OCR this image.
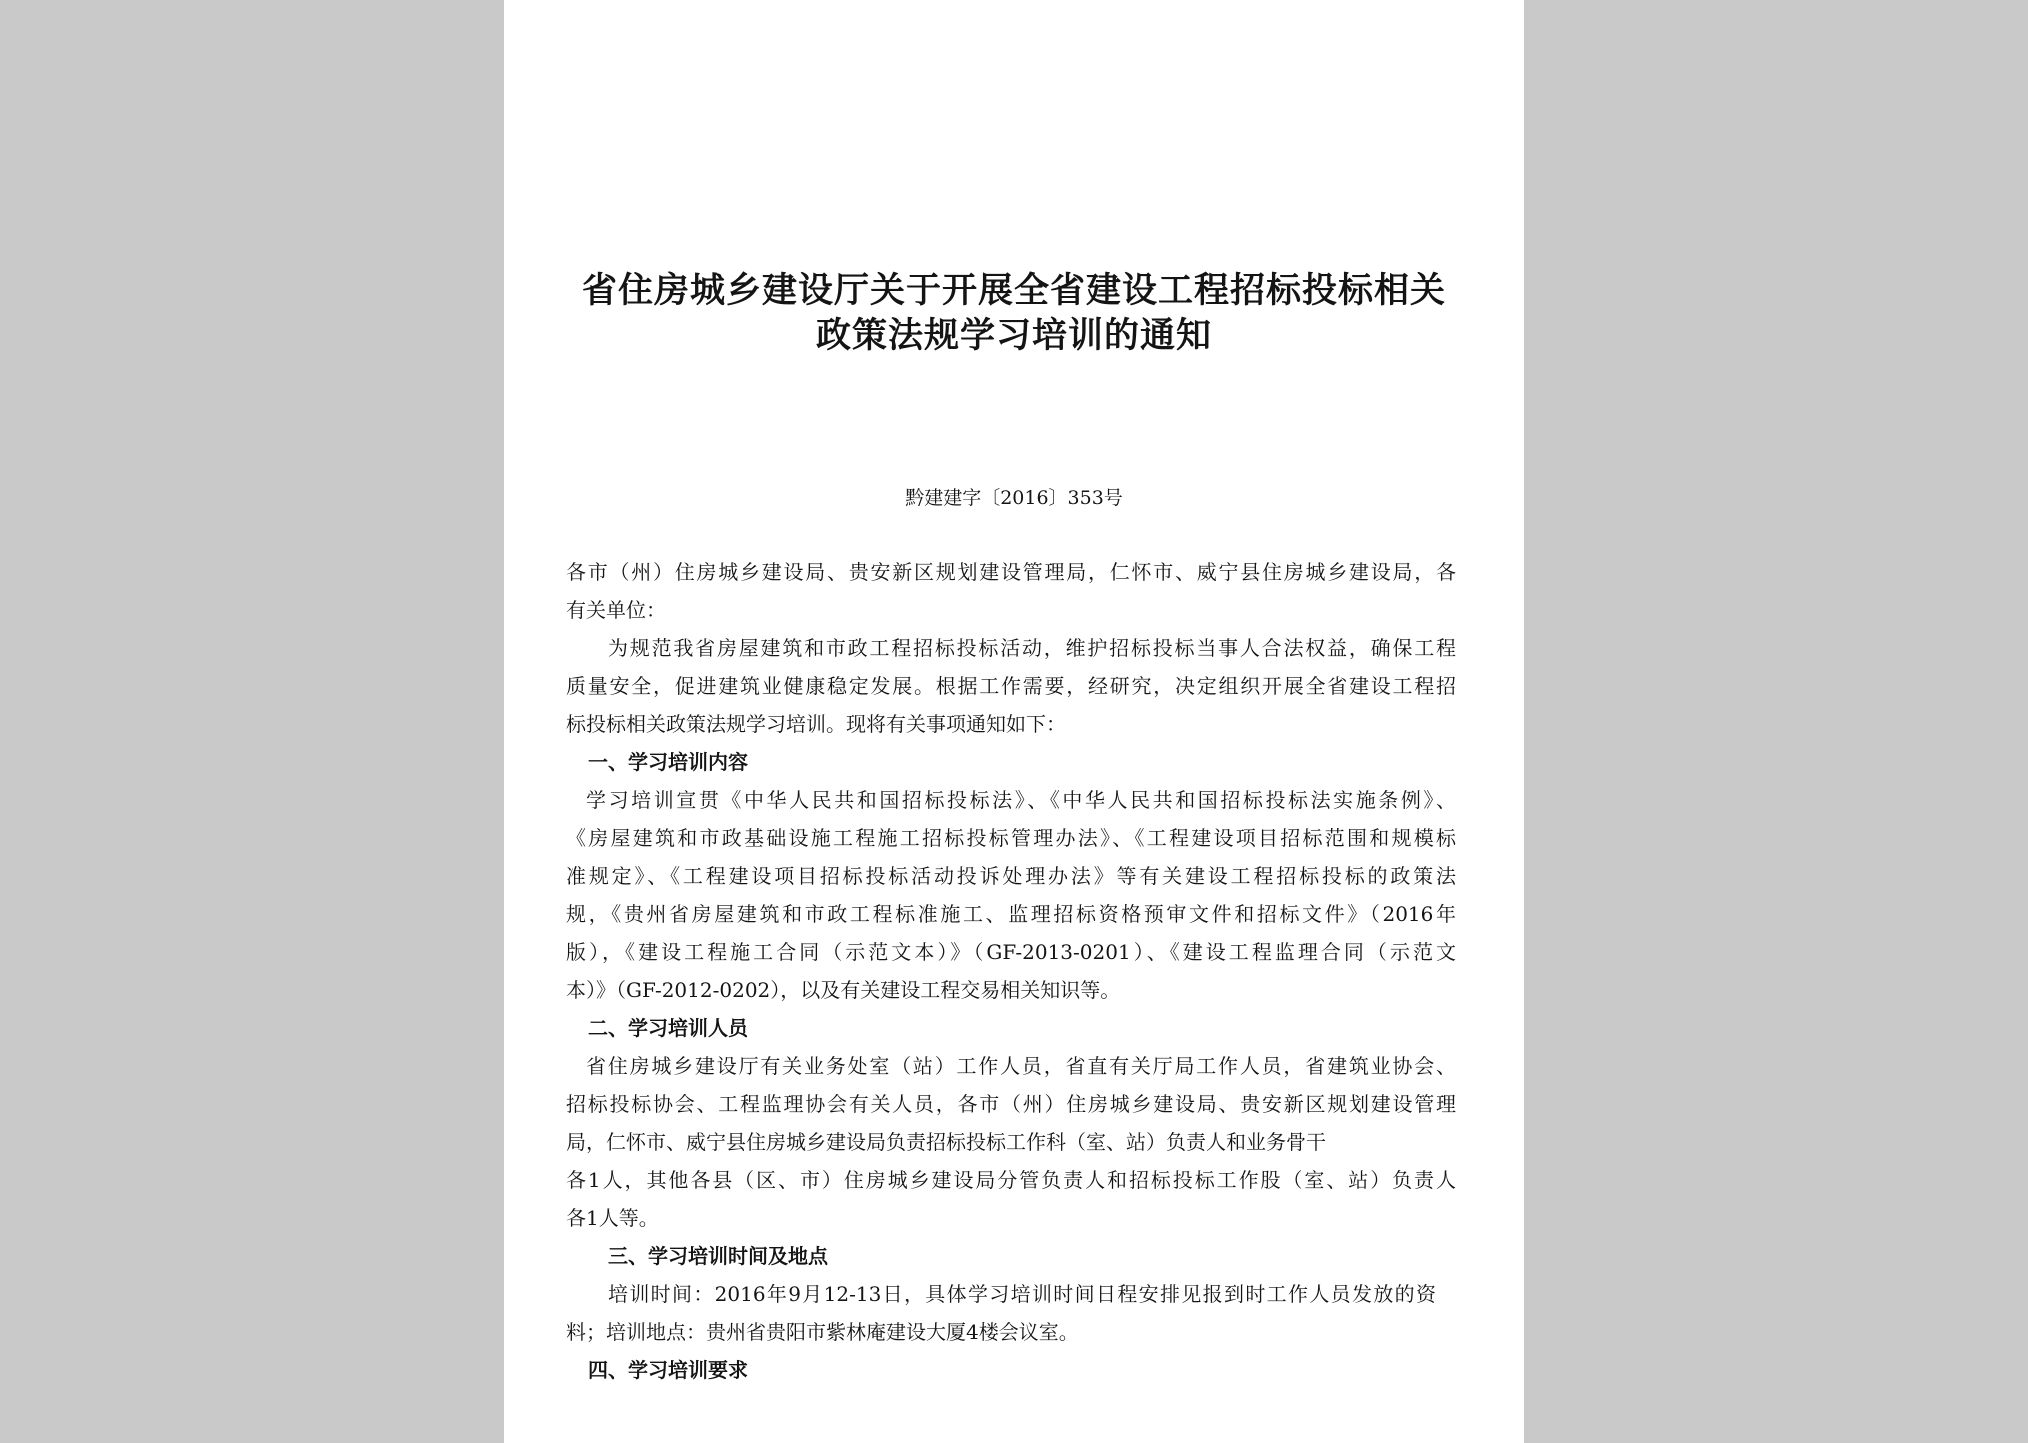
省住房城乡建设厅关于开展全省建设工程招标投标相关
政策法规学习培训的通知
黔建建字〔2016〕353号
各市（州）住房城乡建设局、贵安新区规划建设管理局，仁怀市、威宁县住房城乡建设局，各
有关单位：
为规范我省房屋建筑和市政工程招标投标活动，维护招标投标当事人合法权益，确保工程
质量安全，促进建筑业健康稳定发展。根据工作需要，经研究，决定组织开展全省建设工程招
标投标相关政策法规学习培训。现将有关事项通知如下：
一、学习培训内容
学习培训宣贯《中华人民共和国招标投标法》、《中华人民共和国招标投标法实施条例》、
《房屋建筑和市政基础设施工程施工招标投标管理办法》、《工程建设项目招标范围和规模标
准规定》、《工程建设项目招标投标活动投诉处理办法》等有关建设工程招标投标的政策法
规，《贵州省房屋建筑和市政工程标准施工、监理招标资格预审文件和招标文件》（2016年
版），《建设工程施工合同（示范文本）》（GF-2013-0201）、《建设工程监理合同（示范文
本）》（GF-2012-0202），以及有关建设工程交易相关知识等。
二、学习培训人员
省住房城乡建设厅有关业务处室（站）工作人员，省直有关厅局工作人员，省建筑业协会、
招标投标协会、工程监理协会有关人员，各市（州）住房城乡建设局、贵安新区规划建设管理
局，仁怀市、威宁县住房城乡建设局负责招标投标工作科（室、站）负责人和业务骨干
各1人，其他各县（区、市）住房城乡建设局分管负责人和招标投标工作股（室、站）负责人
各1人等。
三、学习培训时间及地点
培训时间：2016年9月12-13日，具体学习培训时间日程安排见报到时工作人员发放的资
料；培训地点：贵州省贵阳市紫林庵建设大厦4楼会议室。
四、学习培训要求
